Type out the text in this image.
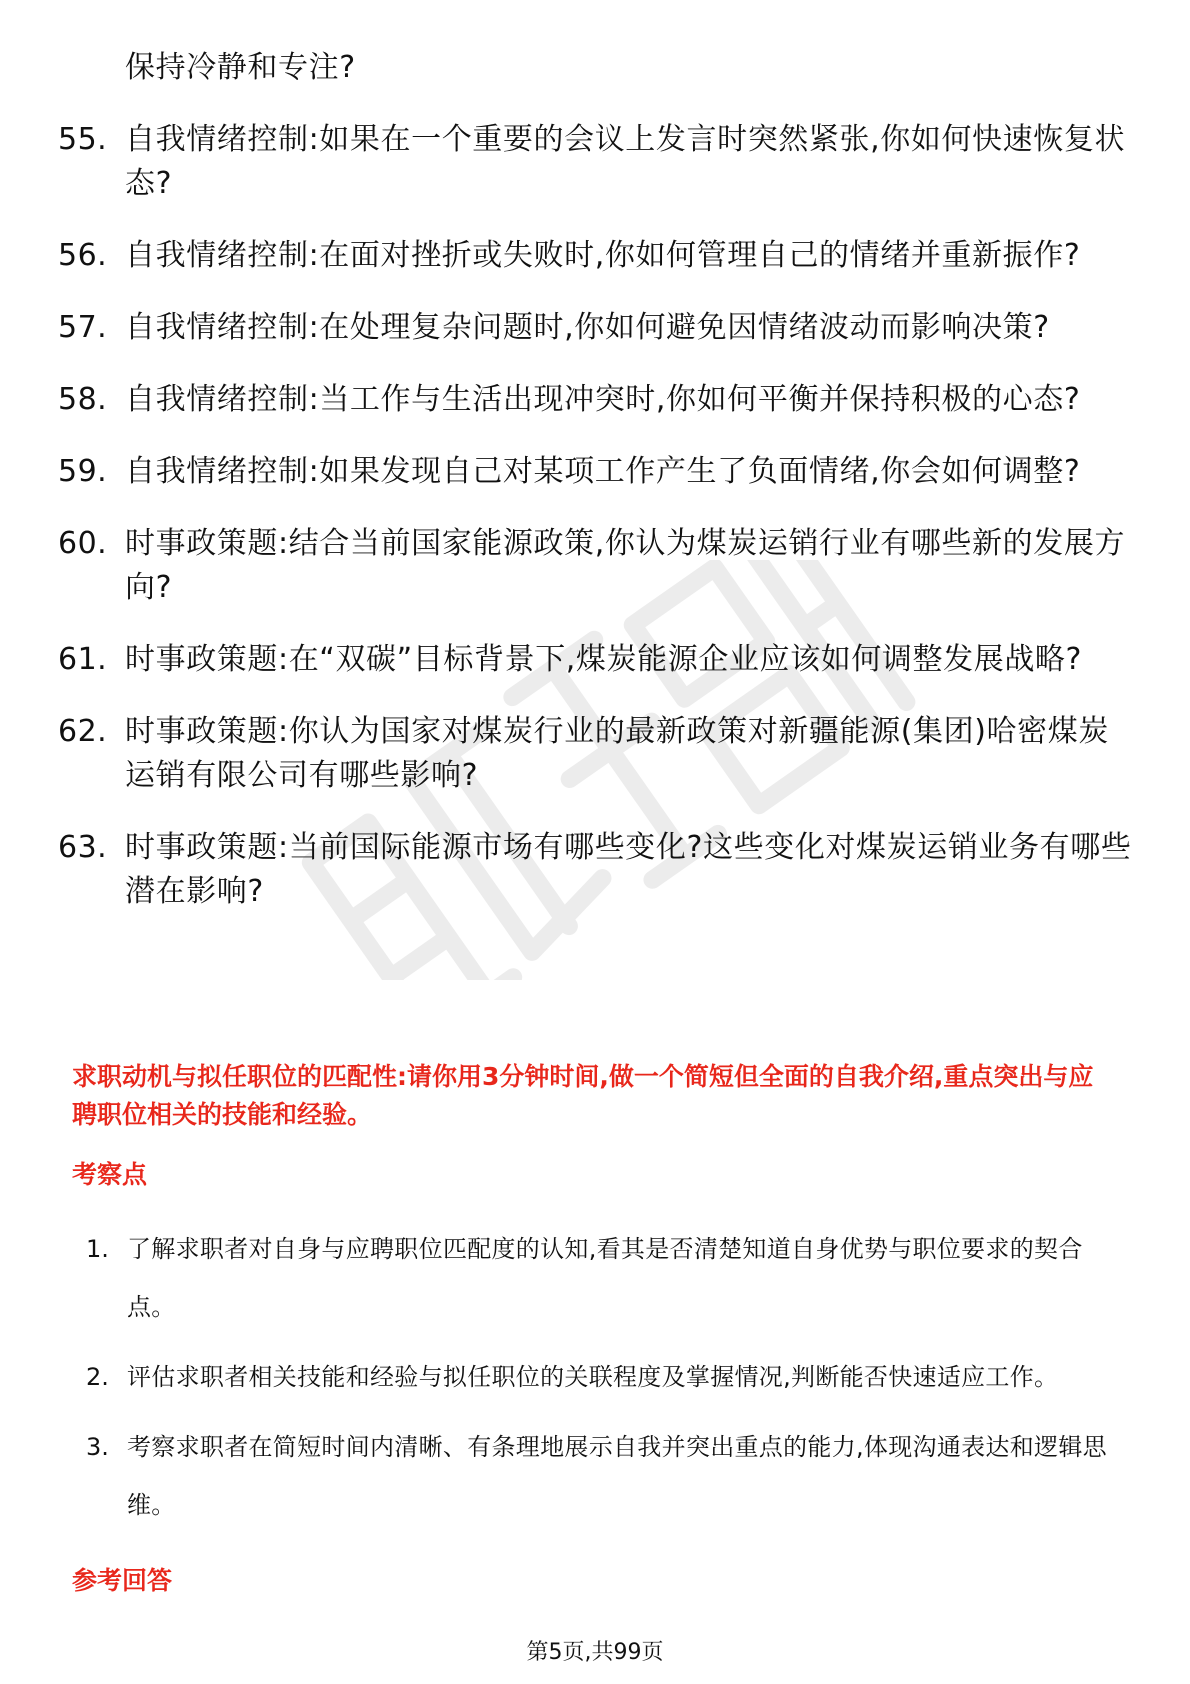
保持冷静和专注?
55. 自我情绪控制:如果在一个重要的会议上发言时突然紧张,你如何快速恢复状态?
56. 自我情绪控制:在面对挫折或失败时,你如何管理自己的情绪并重新振作?
57. 自我情绪控制:在处理复杂问题时,你如何避免因情绪波动而影响决策?
58. 自我情绪控制:当工作与生活出现冲突时,你如何平衡并保持积极的心态?
59. 自我情绪控制:如果发现自己对某项工作产生了负面情绪,你会如何调整?
60. 时事政策题:结合当前国家能源政策,你认为煤炭运销行业有哪些新的发展方向?
61. 时事政策题:在“双碳”目标背景下,煤炭能源企业应该如何调整发展战略?
62. 时事政策题:你认为国家对煤炭行业的最新政策对新疆能源(集团)哈密煤炭运销有限公司有哪些影响?
63. 时事政策题:当前国际能源市场有哪些变化?这些变化对煤炭运销业务有哪些潜在影响?
求职动机与拟任职位的匹配性:请你用3分钟时间,做一个简短但全面的自我介绍,重点突出与应聘职位相关的技能和经验。
考察点
1. 了解求职者对自身与应聘职位匹配度的认知,看其是否清楚知道自身优势与职位要求的契合点。
2. 评估求职者相关技能和经验与拟任职位的关联程度及掌握情况,判断能否快速适应工作。
3. 考察求职者在简短时间内清晰、有条理地展示自我并突出重点的能力,体现沟通表达和逻辑思维。
参考回答
第5页,共99页
